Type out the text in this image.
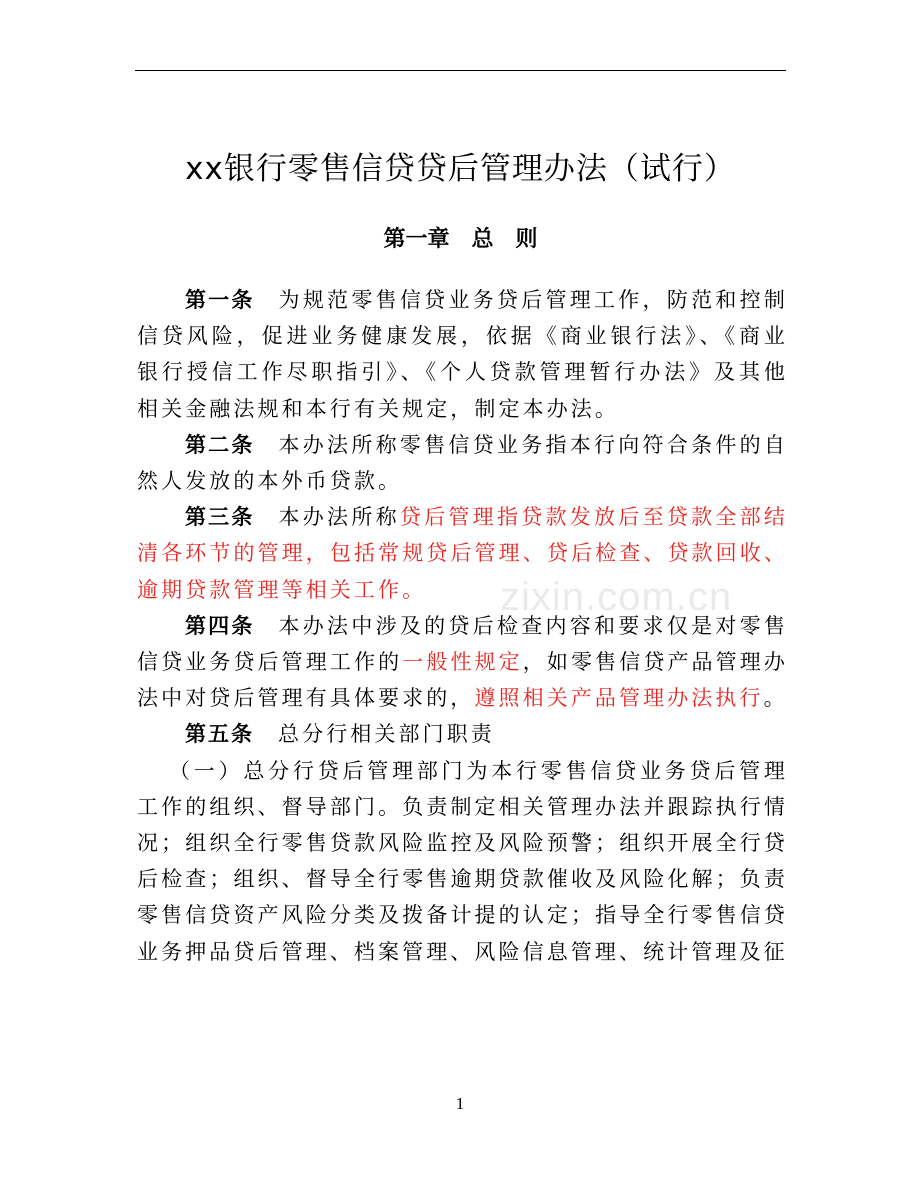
zixin.com.cn
xx银行零售信贷贷后管理办法（试行）
第一章　总　则

第一条 为规范零售信贷业务贷后管理工作，防范和控制信贷风险，促进业务健康发展，依据《商业银行法》、《商业银行授信工作尽职指引》、《个人贷款管理暂行办法》及其他相关金融法规和本行有关规定，制定本办法。

第二条 本办法所称零售信贷业务指本行向符合条件的自然人发放的本外币贷款。

第三条 本办法所称贷后管理指贷款发放后至贷款全部结清各环节的管理，包括常规贷后管理、贷后检查、贷款回收、逾期贷款管理等相关工作。

第四条 本办法中涉及的贷后检查内容和要求仅是对零售信贷业务贷后管理工作的一般性规定，如零售信贷产品管理办法中对贷后管理有具体要求的，遵照相关产品管理办法执行。

第五条 总分行相关部门职责

（一）总分行贷后管理部门为本行零售信贷业务贷后管理工作的组织、督导部门。负责制定相关管理办法并跟踪执行情况；组织全行零售贷款风险监控及风险预警；组织开展全行贷后检查；组织、督导全行零售逾期贷款催收及风险化解；负责零售信贷资产风险分类及拨备计提的认定；指导全行零售信贷业务押品贷后管理、档案管理、风险信息管理、统计管理及征

1
